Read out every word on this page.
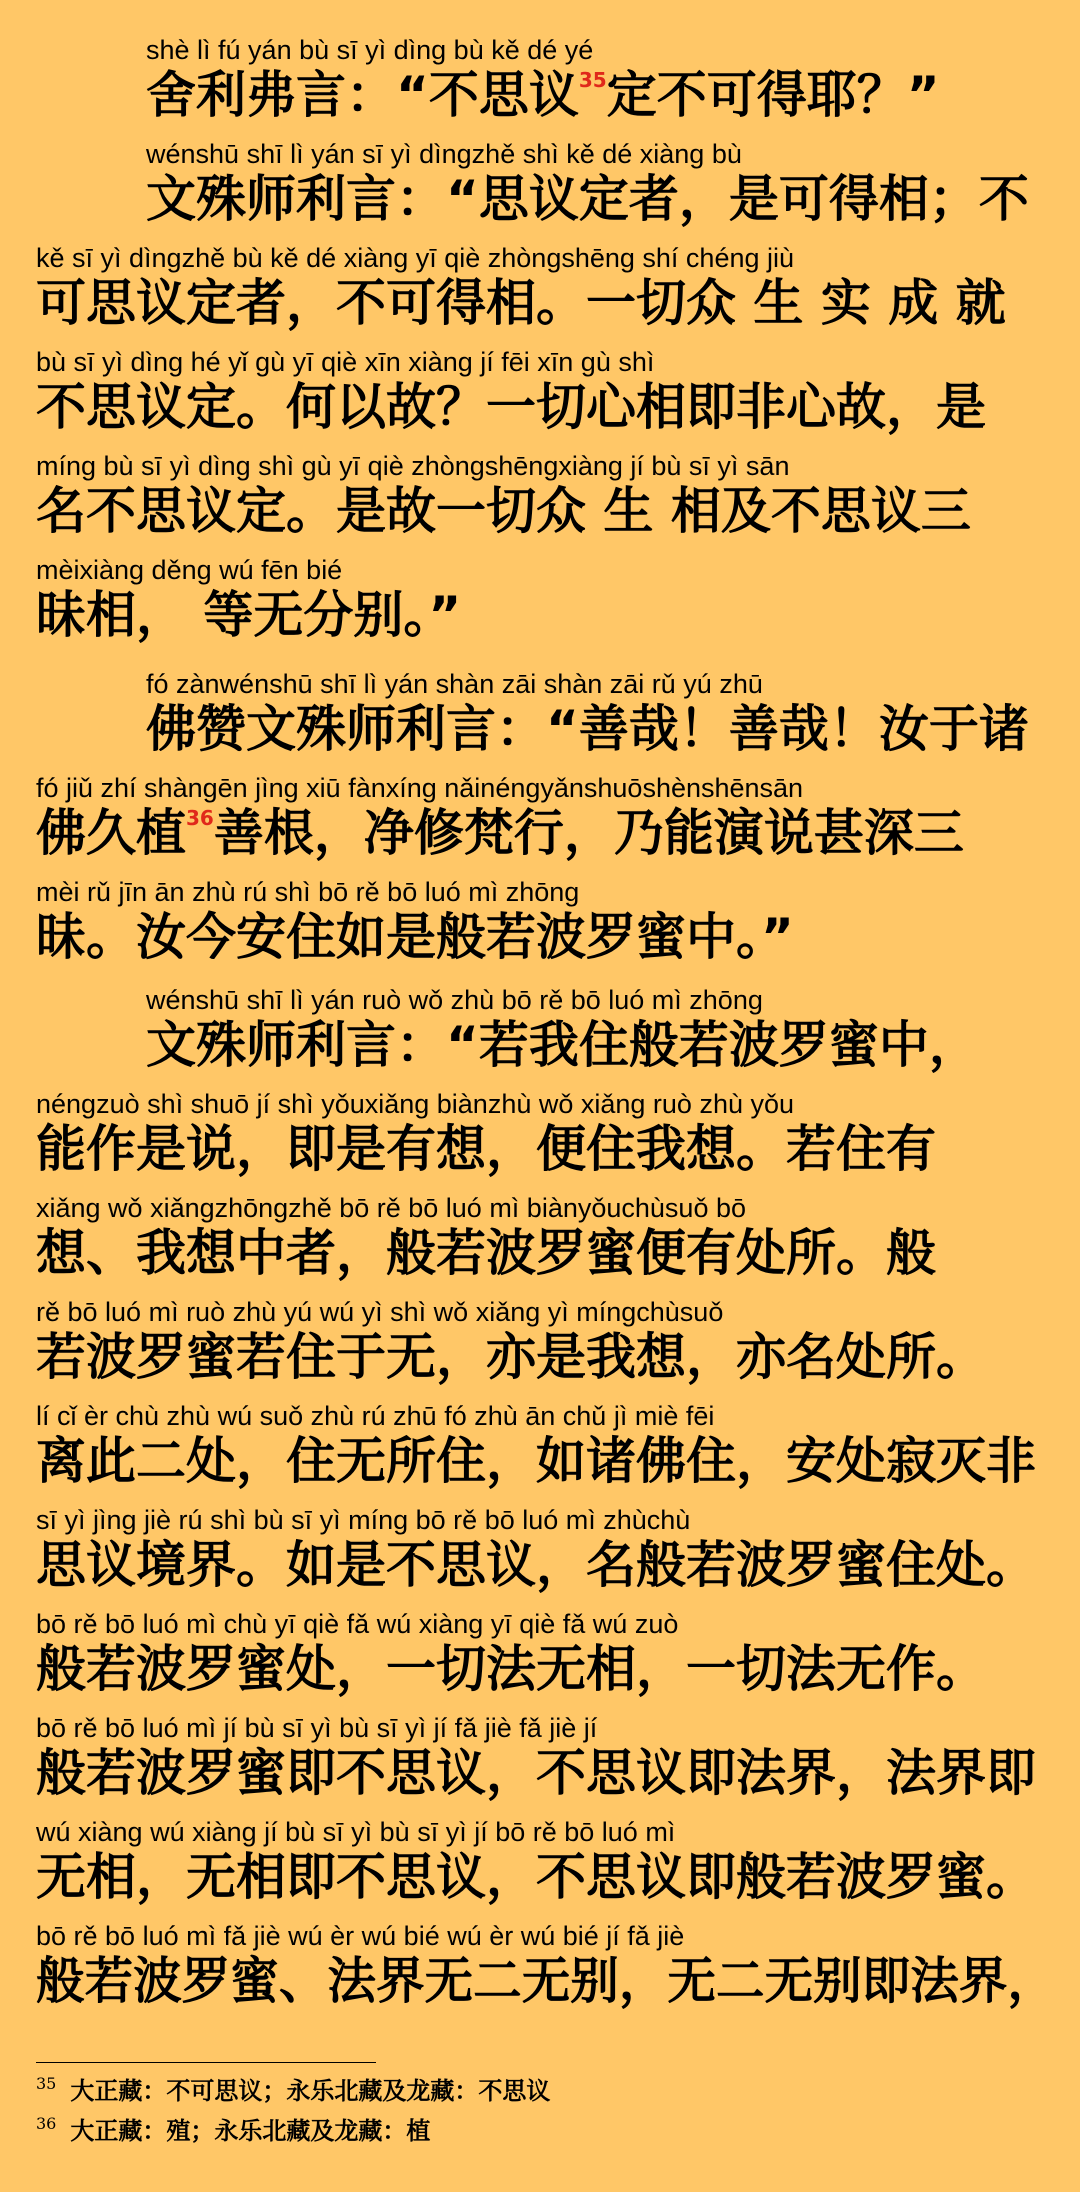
shè lì fú yán bù sī yì dìng bù kě dé yé
舍利弗言：“不思议$^{35}$定不可得耶？”
wénshū shī lì yán sī yì dìngzhě shì kě dé xiàng bù
文殊师利言：“思议定者，是可得相；不
kě sī yì dìngzhě bù kě dé xiàng yī qiè zhòngshēng shí chéng jiù
可思议定者，不可得相。一切众 生 实 成 就
bù sī yì dìng hé yǐ gù yī qiè xīn xiàng jí fēi xīn gù shì
不思议定。何以故？一切心相即非心故，是
míng bù sī yì dìng shì gù yī qiè zhòngshēngxiàng jí bù sī yì sān
名不思议定。是故一切众 生 相及不思议三
mèixiàng děng wú fēn bié
昧相， 等无分别。”
fó zànwénshū shī lì yán shàn zāi shàn zāi rǔ yú zhū
佛赞文殊师利言：“善哉！善哉！汝于诸
fó jiǔ zhí shàngēn jìng xiū fànxíng nǎinéngyǎnshuōshènshēnsān
佛久植$^{36}$善根，净修梵行，乃能演说甚深三
mèi rǔ jīn ān zhù rú shì bō rě bō luó mì zhōng
昧。汝今安住如是般若波罗蜜中。”
wénshū shī lì yán ruò wǒ zhù bō rě bō luó mì zhōng
文殊师利言：“若我住般若波罗蜜中，
néngzuò shì shuō jí shì yǒuxiǎng biànzhù wǒ xiǎng ruò zhù yǒu
能作是说，即是有想，便住我想。若住有
xiǎng wǒ xiǎngzhōngzhě bō rě bō luó mì biànyǒuchùsuǒ bō
想、我想中者，般若波罗蜜便有处所。般
rě bō luó mì ruò zhù yú wú yì shì wǒ xiǎng yì míngchùsuǒ
若波罗蜜若住于无，亦是我想，亦名处所。
lí cǐ èr chù zhù wú suǒ zhù rú zhū fó zhù ān chǔ jì miè fēi
离此二处，住无所住，如诸佛住，安处寂灭非
sī yì jìng jiè rú shì bù sī yì míng bō rě bō luó mì zhùchù
思议境界。如是不思议，名般若波罗蜜住处。
bō rě bō luó mì chù yī qiè fǎ wú xiàng yī qiè fǎ wú zuò
般若波罗蜜处，一切法无相，一切法无作。
bō rě bō luó mì jí bù sī yì bù sī yì jí fǎ jiè fǎ jiè jí
般若波罗蜜即不思议，不思议即法界，法界即
wú xiàng wú xiàng jí bù sī yì bù sī yì jí bō rě bō luó mì
无相，无相即不思议，不思议即般若波罗蜜。
bō rě bō luó mì fǎ jiè wú èr wú bié wú èr wú bié jí fǎ jiè
般若波罗蜜、法界无二无别，无二无别即法界，
$^{35}$ 大正藏：不可思议；永乐北藏及龙藏：不思议
$^{36}$ 大正藏：殖；永乐北藏及龙藏：植
